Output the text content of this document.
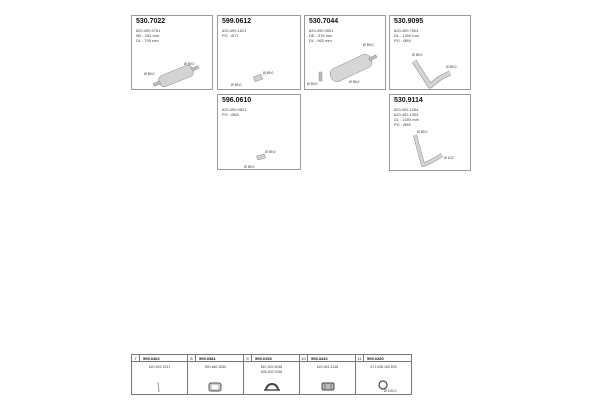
530.7022
620.490.0761
Ø0 : 254 mm
DL : 755 mm
Ø 89,0
Ø 89,0
599.0612
620.490.1621
PG : Ø71
Ø 89,0
Ø 89,0
530.7044
620.490.0501
DE : 315 mm
DL : 960 mm
Ø 89,0	Ø 89,0
Ø 89,0
530.9095
620.490.7504
DL : 1300 mm
PG : Ø89
Ø 89,0
Ø 89,0
596.0610
620.490.0621
PG : Ø89
Ø 89,0
Ø 89,0
530.9114
620.492.1264
620.492.1304
DL : 1300 mm
PG : Ø89
Ø 89,0
Ø 102
7	599.0462
620.492.1241
8	599.0381
DIN ø62.3062
9	599.0153
667.492.3048
628.492.2948
10	599.3442
620.461.3148
11	599.0280
671.038.160.500
Ø 100,0
